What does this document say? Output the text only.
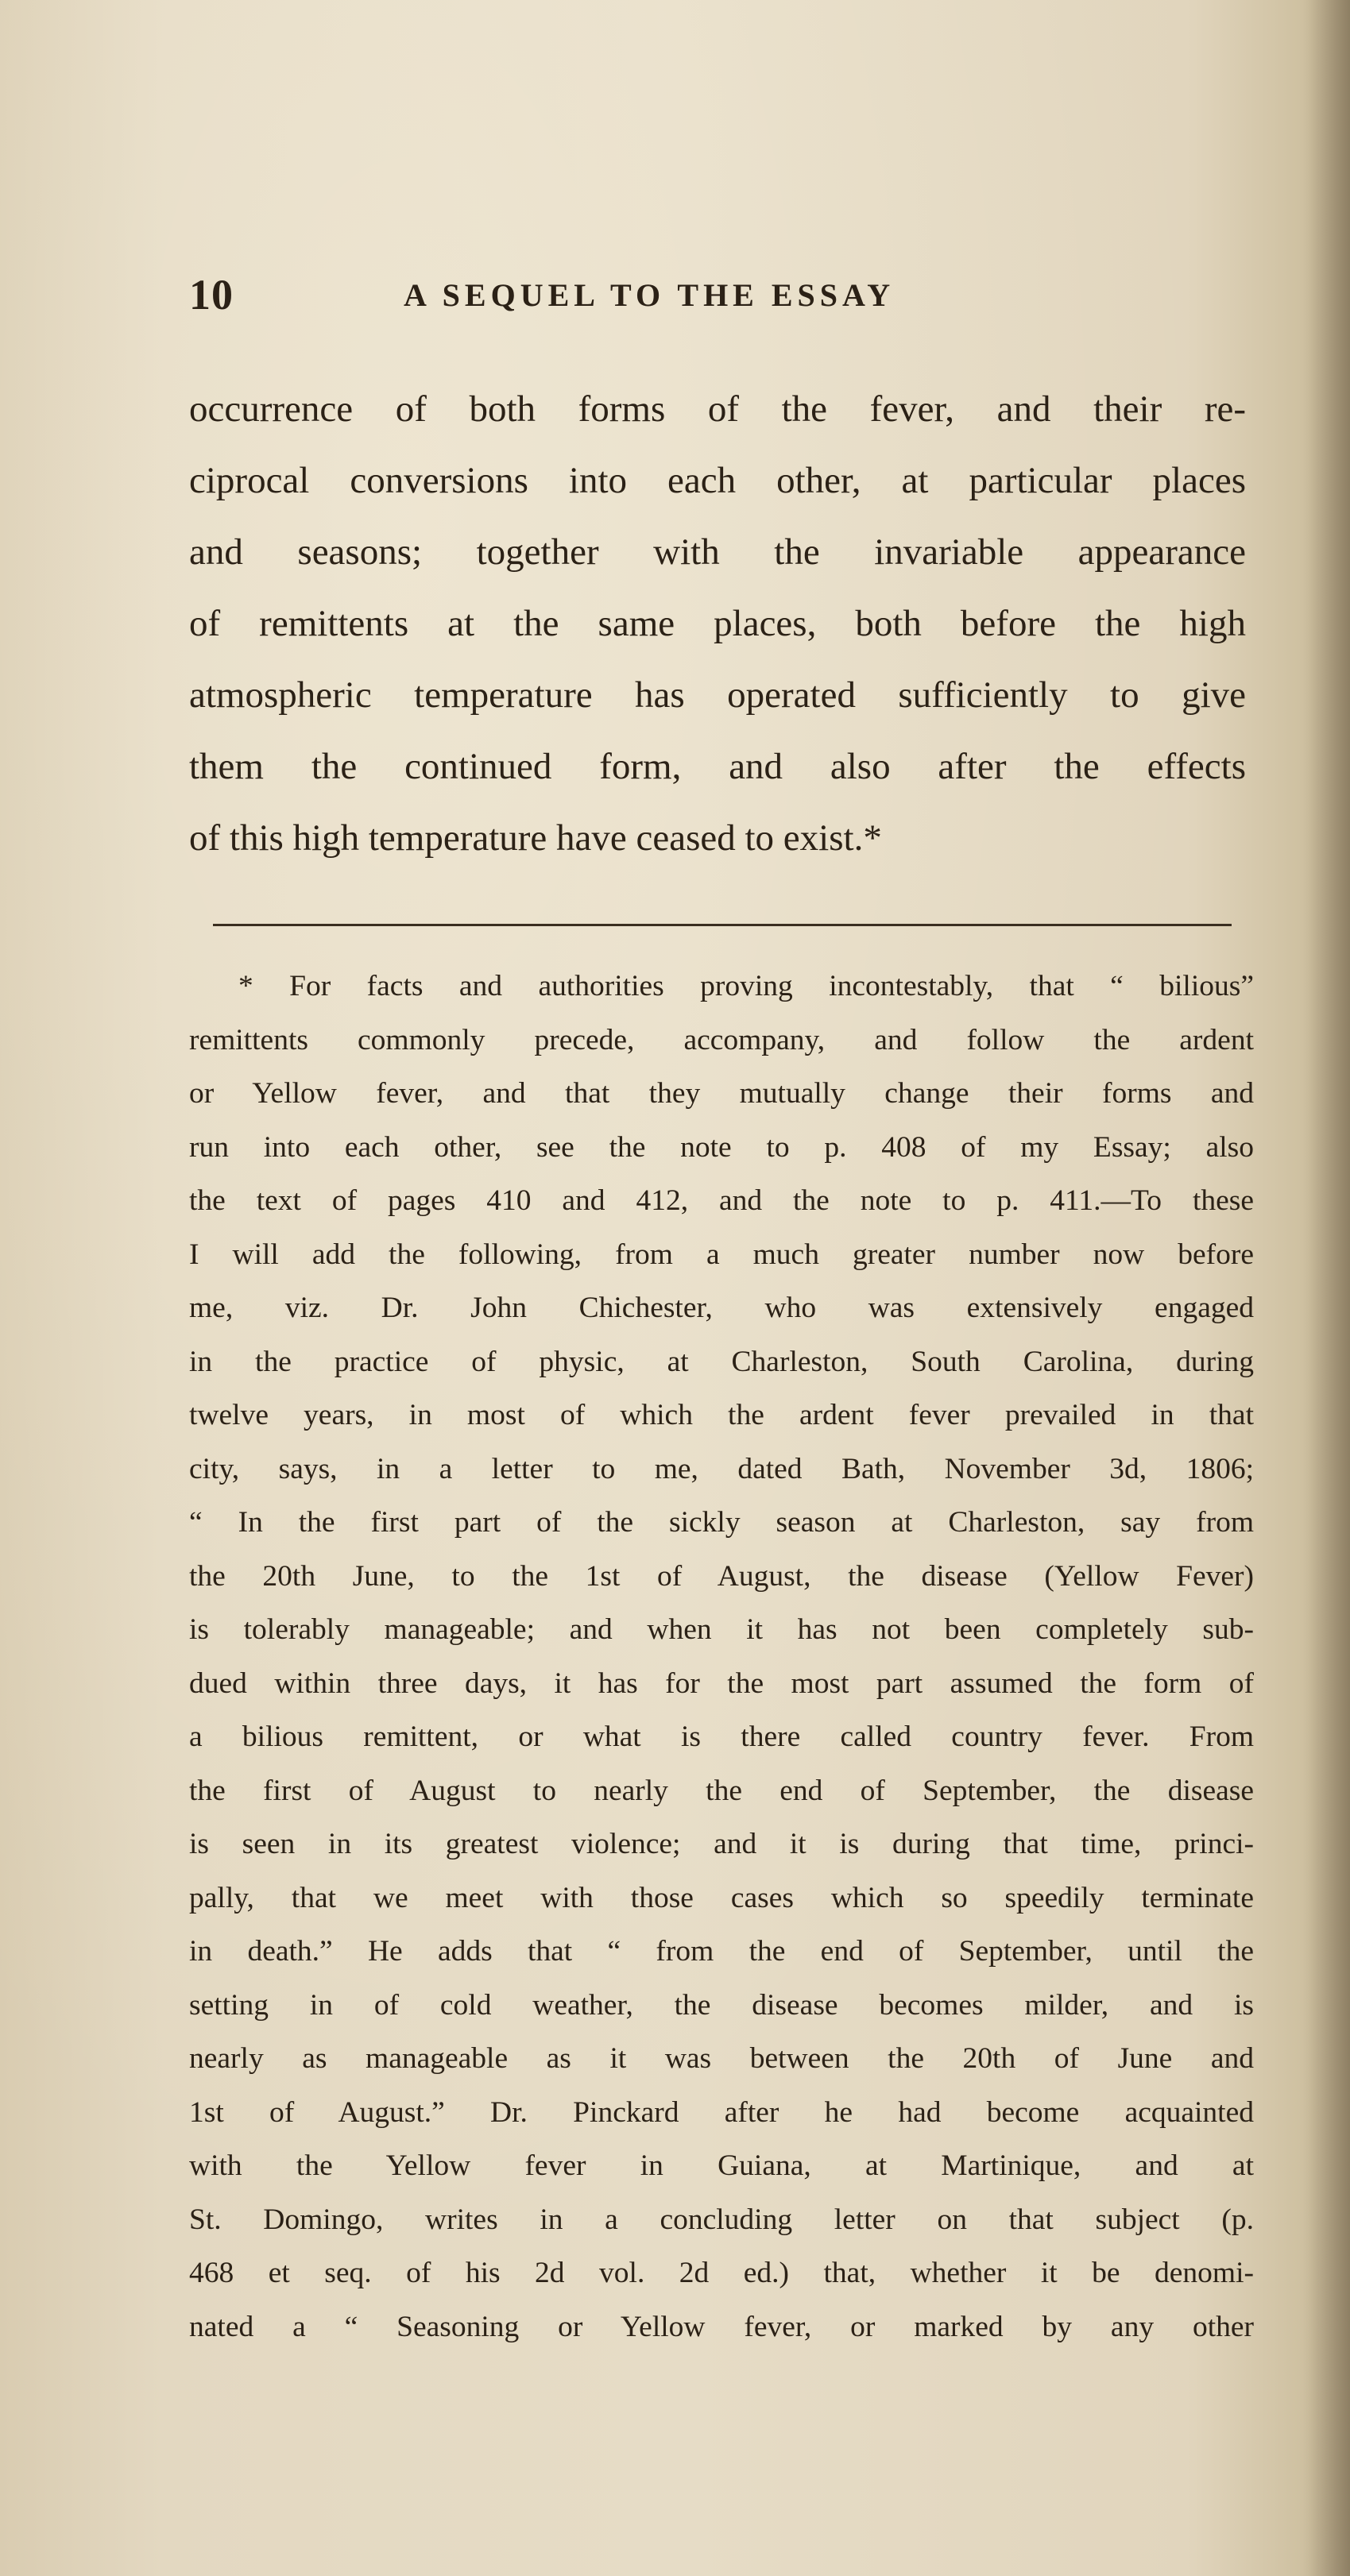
10	A SEQUEL TO THE ESSAY
occurrence of both forms of the fever, and their re-
ciprocal conversions into each other, at particular places
and seasons; together with the invariable appearance
of remittents at the same places, both before the high
atmospheric temperature has operated sufficiently to give
them the continued form, and also after the effects
of this high temperature have ceased to exist.*
* For facts and authorities proving incontestably, that “ bilious”
remittents commonly precede, accompany, and follow the ardent
or Yellow fever, and that they mutually change their forms and
run into each other, see the note to p. 408 of my Essay; also
the text of pages 410 and 412, and the note to p. 411.—To these
I will add the following, from a much greater number now before
me, viz. Dr. John Chichester, who was extensively engaged
in the practice of physic, at Charleston, South Carolina, during
twelve years, in most of which the ardent fever prevailed in that
city, says, in a letter to me, dated Bath, November 3d, 1806;
“ In the first part of the sickly season at Charleston, say from
the 20th June, to the 1st of August, the disease (Yellow Fever)
is tolerably manageable; and when it has not been completely sub-
dued within three days, it has for the most part assumed the form of
a bilious remittent, or what is there called country fever. From
the first of August to nearly the end of September, the disease
is seen in its greatest violence; and it is during that time, princi-
pally, that we meet with those cases which so speedily terminate
in death.” He adds that “ from the end of September, until the
setting in of cold weather, the disease becomes milder, and is
nearly as manageable as it was between the 20th of June and
1st of August.” Dr. Pinckard after he had become acquainted
with the Yellow fever in Guiana, at Martinique, and at
St. Domingo, writes in a concluding letter on that subject (p.
468 et seq. of his 2d vol. 2d ed.) that, whether it be denomi-
nated a “ Seasoning or Yellow fever, or marked by any other
